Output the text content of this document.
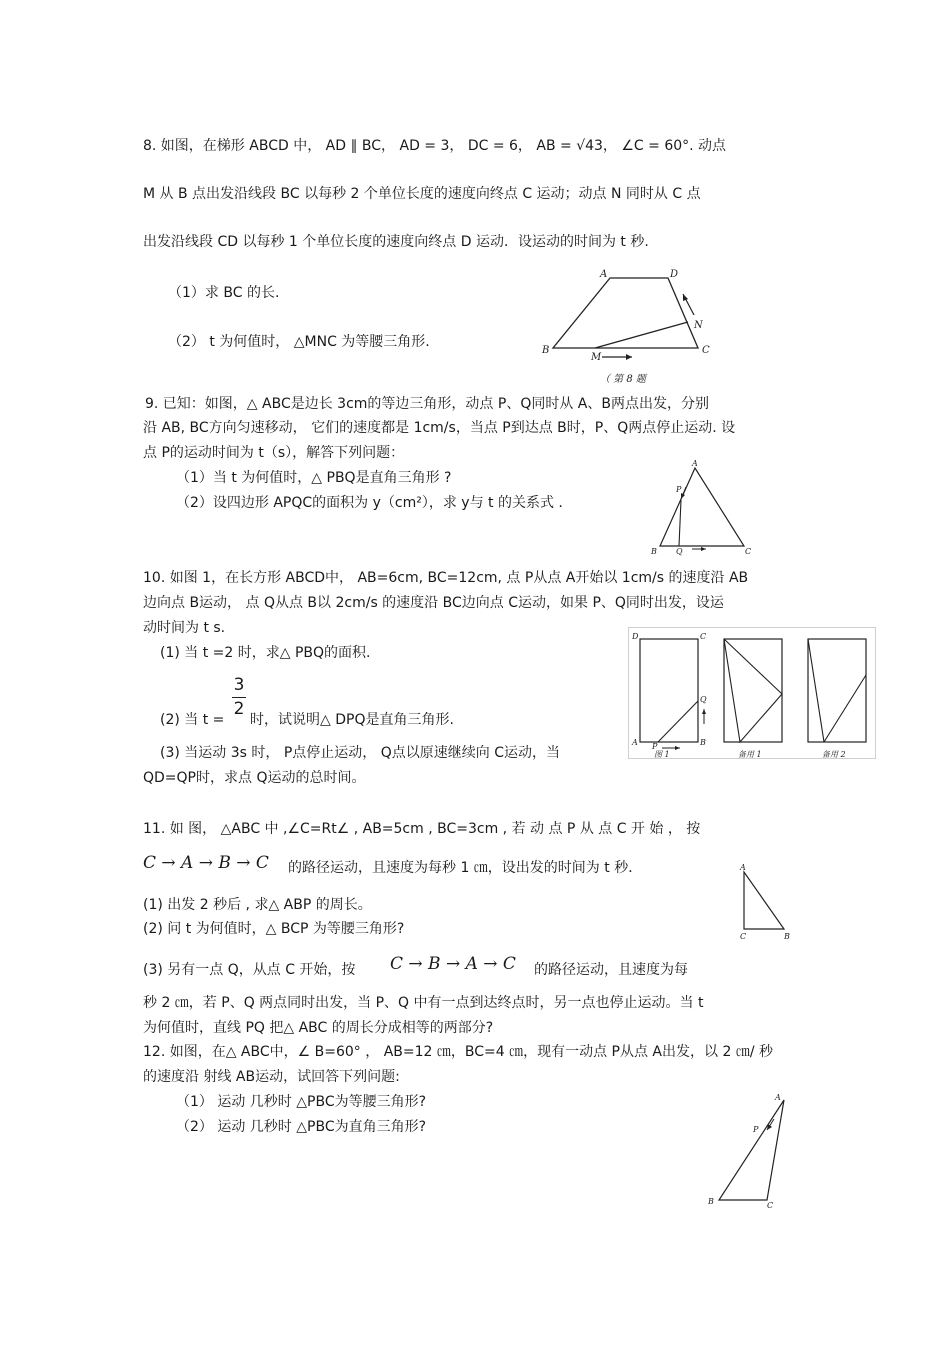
8. 如图，在梯形 ABCD 中， AD ∥ BC， AD = 3， DC = 6， AB = √43， ∠C = 60°. 动点
M 从 B 点出发沿线段 BC 以每秒 2 个单位长度的速度向终点 C 运动；动点 N 同时从 C 点
出发沿线段 CD 以每秒 1 个单位长度的速度向终点 D 运动．设运动的时间为 t 秒.
（1）求 BC 的长.
（2） t 为何值时， △MNC 为等腰三角形.
A	D
B	C
M
N
（ 第 8 题
9. 已知：如图，△ ABC是边长 3cm的等边三角形，动点 P、Q同时从 A、B两点出发，分别
沿 AB, BC方向匀速移动， 它们的速度都是 1cm/s，当点 P到达点 B时，P、Q两点停止运动. 设
点 P的运动时间为 t（s），解答下列问题：
（1）当 t 为何值时，△ PBQ是直角三角形 ?
（2）设四边形 APQC的面积为 y（cm²），求 y与 t 的关系式 .
A
B	C
P
Q
10. 如图 1，在长方形 ABCD中， AB=6cm, BC=12cm, 点 P从点 A开始以 1cm/s 的速度沿 AB
边向点 B运动， 点 Q从点 B以 2cm/s 的速度沿 BC边向点 C运动，如果 P、Q同时出发，设运
动时间为 t s.
(1) 当 t =2 时，求△ PBQ的面积.
(2) 当 t =
3
2
时，试说明△ DPQ是直角三角形.
(3) 当运动 3s 时， P点停止运动， Q点以原速继续向 C运动，当
QD=QP时，求点 Q运动的总时间。
D	C
A	B
P
Q
图 1	备用 1	备用 2
11. 如 图， △ABC 中 ,∠C=Rt∠ , AB=5cm , BC=3cm , 若 动 点 P 从 点 C 开 始 ， 按
C → A → B → C 的路径运动，且速度为每秒 1 ㎝，设出发的时间为 t 秒．
(1) 出发 2 秒后 , 求△ ABP 的周长。
(2) 问 t 为何值时，△ BCP 为等腰三角形?
(3) 另有一点 Q，从点 C 开始，按 C → B → A → C 的路径运动，且速度为每
秒 2 ㎝，若 P、Q 两点同时出发，当 P、Q 中有一点到达终点时，另一点也停止运动。当 t
为何值时，直线 PQ 把△ ABC 的周长分成相等的两部分?
A
C	B
12. 如图，在△ ABC中，∠ B=60° ， AB=12 ㎝，BC=4 ㎝，现有一动点 P从点 A出发，以 2 ㎝/ 秒
的速度沿 射线 AB运动，试回答下列问题:
（1） 运动 几秒时 △PBC为等腰三角形?
（2） 运动 几秒时 △PBC为直角三角形?
A
P
B	C
